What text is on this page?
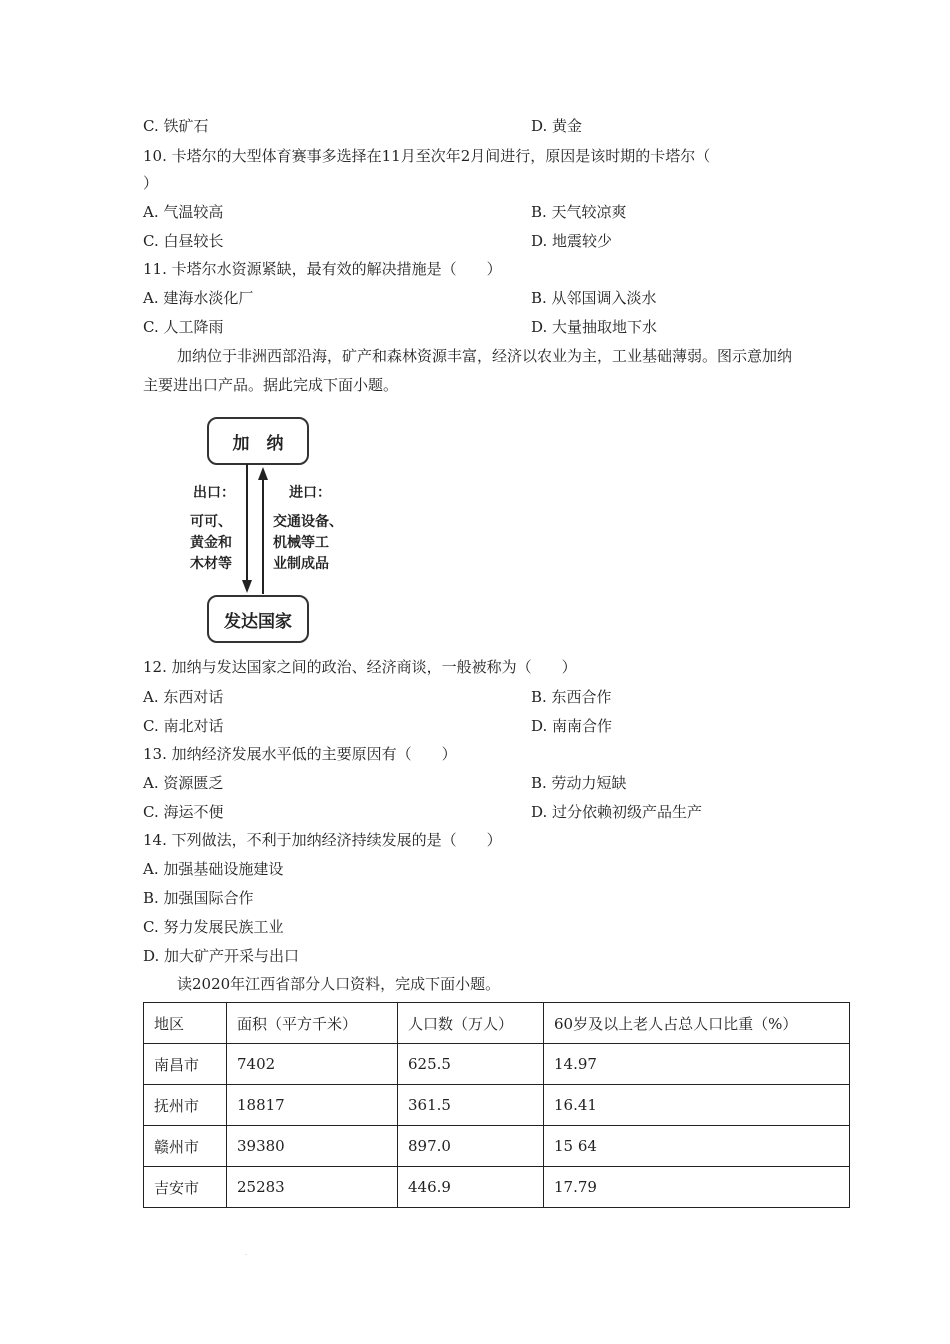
C. 铁矿石	D. 黄金
10. 卡塔尔的大型体育赛事多选择在11月至次年2月间进行，原因是该时期的卡塔尔（
）
A. 气温较高	B. 天气较凉爽
C. 白昼较长	D. 地震较少
11. 卡塔尔水资源紧缺，最有效的解决措施是（　　）
A. 建海水淡化厂	B. 从邻国调入淡水
C. 人工降雨	D. 大量抽取地下水
加纳位于非洲西部沿海，矿产和森林资源丰富，经济以农业为主，工业基础薄弱。图示意加纳主要进出口产品。据此完成下面小题。
加　纳
发达国家
出口：
可可、
黄金和
木材等
进口：
交通设备、
机械等工
业制成品
12. 加纳与发达国家之间的政治、经济商谈，一般被称为（　　）
A. 东西对话	B. 东西合作
C. 南北对话	D. 南南合作
13. 加纳经济发展水平低的主要原因有（　　）
A. 资源匮乏	B. 劳动力短缺
C. 海运不便	D. 过分依赖初级产品生产
14. 下列做法，不利于加纳经济持续发展的是（　　）
A. 加强基础设施建设
B. 加强国际合作
C. 努力发展民族工业
D. 加大矿产开采与出口
读2020年江西省部分人口资料，完成下面小题。
地区	面积（平方千米）	人口数（万人）	60岁及以上老人占总人口比重（%）
南昌市	7402	625.5	14.97
抚州市	18817	361.5	16.41
赣州市	39380	897.0	15 64
吉安市	25283	446.9	17.79
.
